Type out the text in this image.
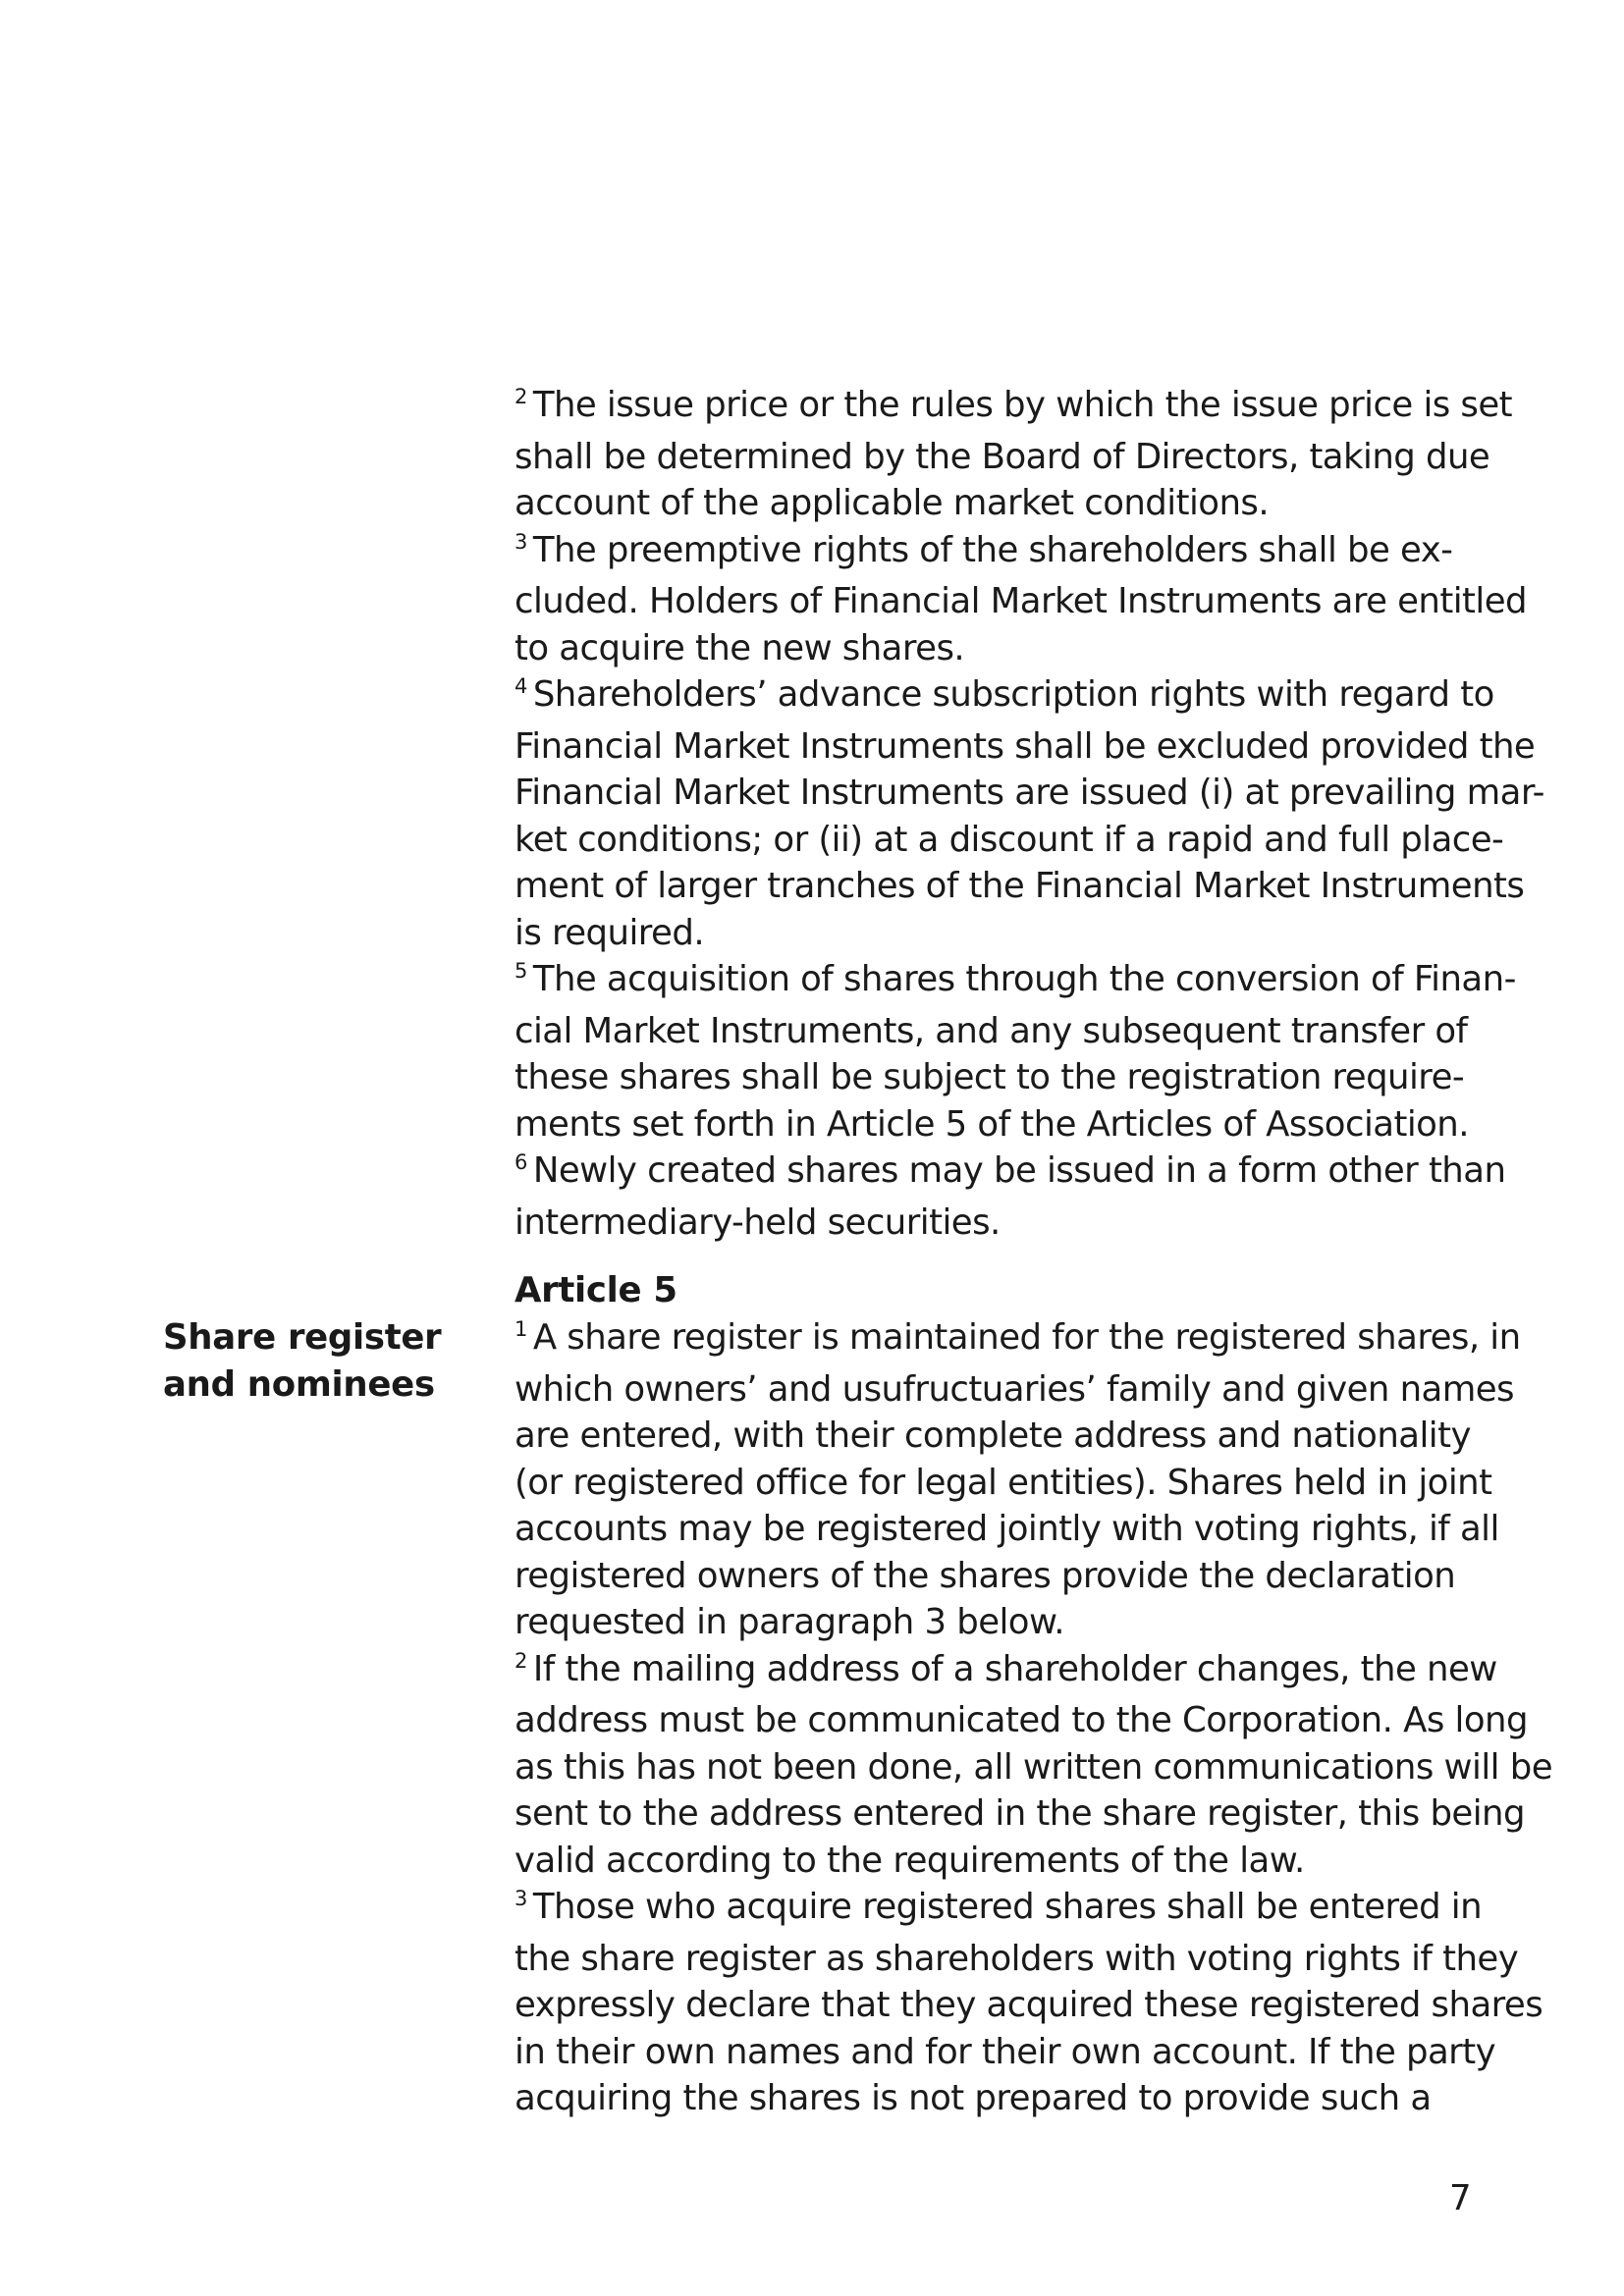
$^2$ The issue price or the rules by which the issue price is set
shall be determined by the Board of Directors, taking due
account of the applicable market conditions.
$^3$ The preemptive rights of the shareholders shall be ex-
cluded. Holders of Financial Market Instruments are entitled
to acquire the new shares.
$^4$ Shareholders’ advance subscription rights with regard to
Financial Market Instruments shall be excluded provided the
Financial Market Instruments are issued (i) at prevailing mar-
ket conditions; or (ii) at a discount if a rapid and full place-
ment of larger tranches of the Financial Market Instruments
is required.
$^5$ The acquisition of shares through the conversion of Finan-
cial Market Instruments, and any subsequent transfer of
these shares shall be subject to the registration require-
ments set forth in Article 5 of the Articles of Association.
$^6$ Newly created shares may be issued in a form other than
intermediary-held securities.
Article 5
Share register
and nominees
$^1$ A share register is maintained for the registered shares, in
which owners’ and usufructuaries’ family and given names
are entered, with their complete address and nationality
(or registered office for legal entities). Shares held in joint
accounts may be registered jointly with voting rights, if all
registered owners of the shares provide the declaration
requested in paragraph 3 below.
$^2$ If the mailing address of a shareholder changes, the new
address must be communicated to the Corporation. As long
as this has not been done, all written communications will be
sent to the address entered in the share register, this being
valid according to the requirements of the law.
$^3$ Those who acquire registered shares shall be entered in
the share register as shareholders with voting rights if they
expressly declare that they acquired these registered shares
in their own names and for their own account. If the party
acquiring the shares is not prepared to provide such a
7
